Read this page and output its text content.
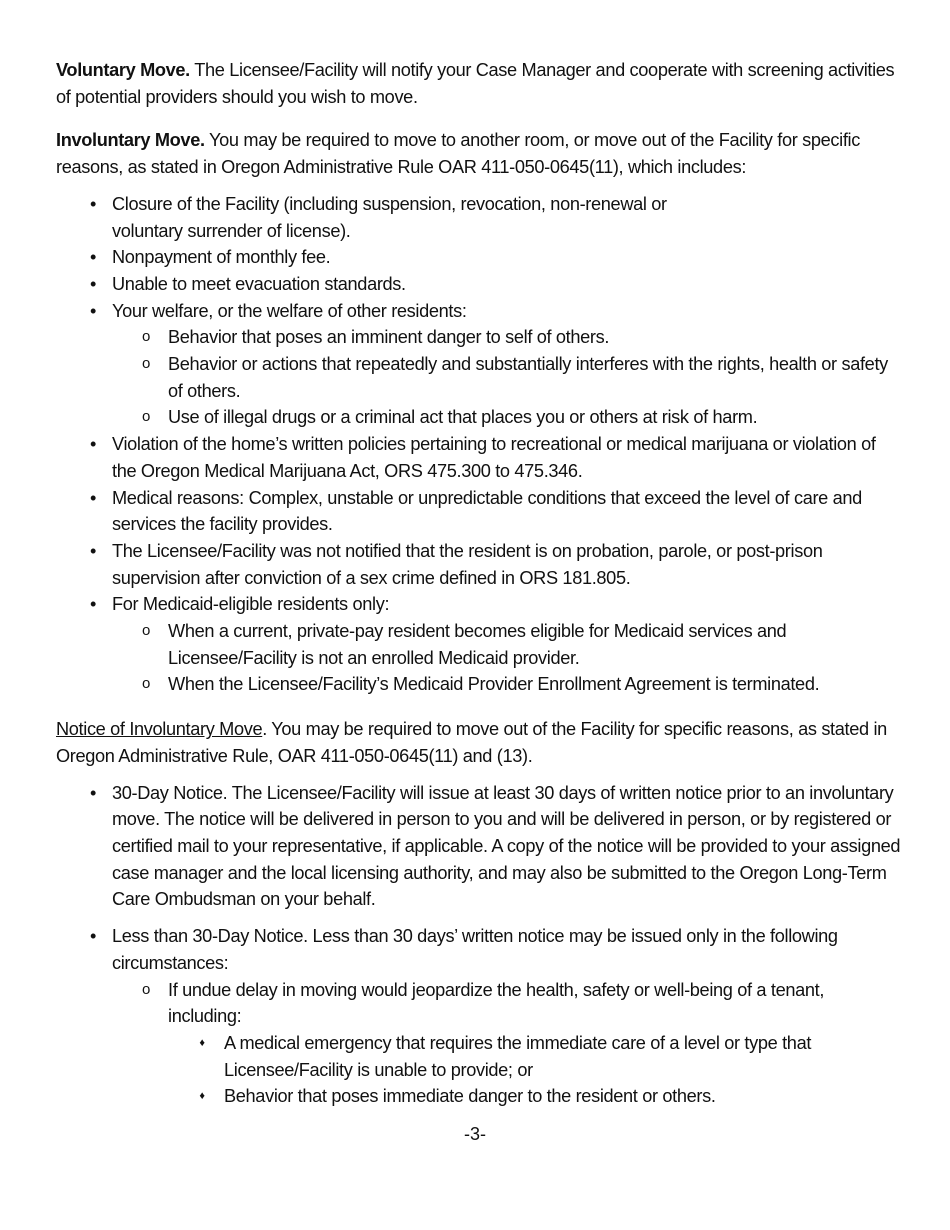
Voluntary Move. The Licensee/Facility will notify your Case Manager and cooperate with screening activities of potential providers should you wish to move.

Involuntary Move. You may be required to move to another room, or move out of the Facility for specific reasons, as stated in Oregon Administrative Rule OAR 411-050-0645(11), which includes:

• Closure of the Facility (including suspension, revocation, non-renewal or voluntary surrender of license).
• Nonpayment of monthly fee.
• Unable to meet evacuation standards.
• Your welfare, or the welfare of other residents:
o Behavior that poses an imminent danger to self of others.
o Behavior or actions that repeatedly and substantially interferes with the rights, health or safety of others.
o Use of illegal drugs or a criminal act that places you or others at risk of harm.
• Violation of the home’s written policies pertaining to recreational or medical marijuana or violation of the Oregon Medical Marijuana Act, ORS 475.300 to 475.346.
• Medical reasons: Complex, unstable or unpredictable conditions that exceed the level of care and services the facility provides.
• The Licensee/Facility was not notified that the resident is on probation, parole, or post-prison supervision after conviction of a sex crime defined in ORS 181.805.
• For Medicaid-eligible residents only:
o When a current, private-pay resident becomes eligible for Medicaid services and Licensee/Facility is not an enrolled Medicaid provider.
o When the Licensee/Facility’s Medicaid Provider Enrollment Agreement is terminated.

Notice of Involuntary Move. You may be required to move out of the Facility for specific reasons, as stated in Oregon Administrative Rule, OAR 411-050-0645(11) and (13).

• 30-Day Notice. The Licensee/Facility will issue at least 30 days of written notice prior to an involuntary move. The notice will be delivered in person to you and will be delivered in person, or by registered or certified mail to your representative, if applicable. A copy of the notice will be provided to your assigned case manager and the local licensing authority, and may also be submitted to the Oregon Long-Term Care Ombudsman on your behalf.
• Less than 30-Day Notice. Less than 30 days’ written notice may be issued only in the following circumstances:
o If undue delay in moving would jeopardize the health, safety or well-being of a tenant, including:
♦ A medical emergency that requires the immediate care of a level or type that Licensee/Facility is unable to provide; or
♦ Behavior that poses immediate danger to the resident or others.
-3-
